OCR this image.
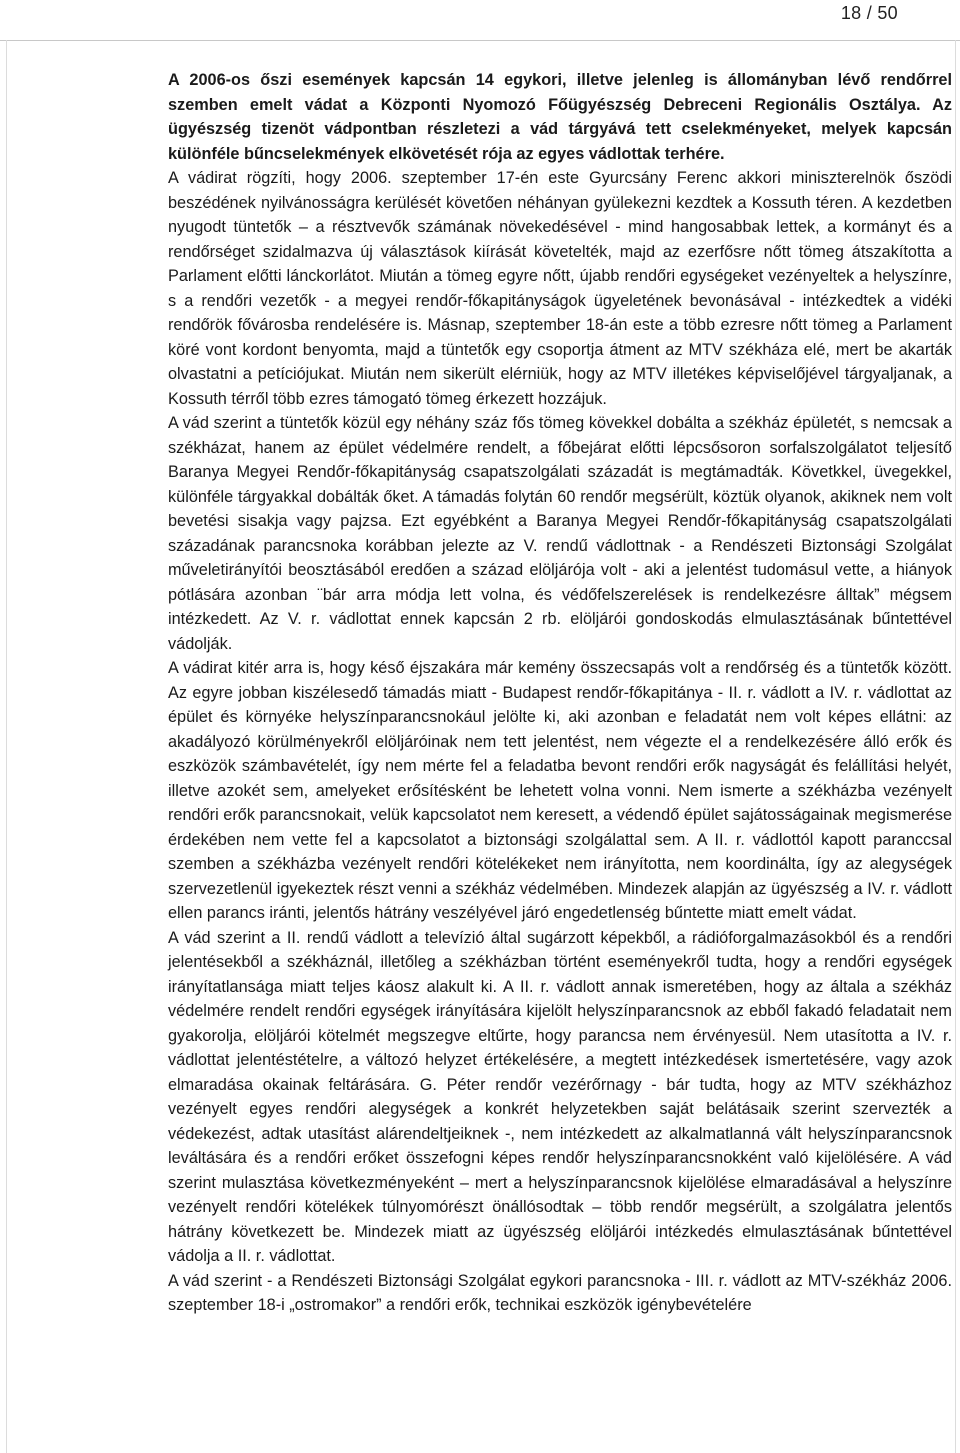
18 / 50

A 2006-os őszi események kapcsán 14 egykori, illetve jelenleg is állományban lévő rendőrrel szemben emelt vádat a Központi Nyomozó Főügyészség Debreceni Regionális Osztálya. Az ügyészség tizenöt vádpontban részletezi a vád tárgyává tett cselekményeket, melyek kapcsán különféle bűncselekmények elkövetését rója az egyes vádlottak terhére.

A vádirat rögzíti, hogy 2006. szeptember 17-én este Gyurcsány Ferenc akkori miniszterelnök őszödi beszédének nyilvánosságra kerülését követően néhányan gyülekezni kezdtek a Kossuth téren. A kezdetben nyugodt tüntetők – a résztvevők számának növekedésével - mind hangosabbak lettek, a kormányt és a rendőrséget szidalmazva új választások kiírását követelték, majd az ezerfősre nőtt tömeg átszakította a Parlament előtti lánckorlátot. Miután a tömeg egyre nőtt, újabb rendőri egységeket vezényeltek a helyszínre, s a rendőri vezetők - a megyei rendőr-főkapitányságok ügyeletének bevonásával - intézkedtek a vidéki rendőrök fővárosba rendelésére is. Másnap, szeptember 18-án este a több ezresre nőtt tömeg a Parlament köré vont kordont benyomta, majd a tüntetők egy csoportja átment az MTV székháza elé, mert be akarták olvastatni a petíciójukat. Miután nem sikerült elérniük, hogy az MTV illetékes képviselőjével tárgyaljanak, a Kossuth térről több ezres támogató tömeg érkezett hozzájuk.

A vád szerint a tüntetők közül egy néhány száz fős tömeg kövekkel dobálta a székház épületét, s nemcsak a székházat, hanem az épület védelmére rendelt, a főbejárat előtti lépcsősoron sorfalszolgálatot teljesítő Baranya Megyei Rendőr-főkapitányság csapatszolgálati századát is megtámadták. Követkkel, üvegekkel, különféle tárgyakkal dobálták őket. A támadás folytán 60 rendőr megsérült, köztük olyanok, akiknek nem volt bevetési sisakja vagy pajzsa. Ezt egyébként a Baranya Megyei Rendőr-főkapitányság csapatszolgálati századának parancsnoka korábban jelezte az V. rendű vádlottnak - a Rendészeti Biztonsági Szolgálat műveletirányítói beosztásából eredően a század elöljárója volt - aki a jelentést tudomásul vette, a hiányok pótlására azonban ¨bár arra módja lett volna, és védőfelszerelések is rendelkezésre álltak” mégsem intézkedett. Az V. r. vádlottat ennek kapcsán 2 rb. elöljárói gondoskodás elmulasztásának bűntettével vádolják.

A vádirat kitér arra is, hogy késő éjszakára már kemény összecsapás volt a rendőrség és a tüntetők között. Az egyre jobban kiszélesedő támadás miatt - Budapest rendőr-főkapitánya - II. r. vádlott a IV. r. vádlottat az épület és környéke helyszínparancsnokául jelölte ki, aki azonban e feladatát nem volt képes ellátni: az akadályozó körülményekről elöljáróinak nem tett jelentést, nem végezte el a rendelkezésére álló erők és eszközök számbavételét, így nem mérte fel a feladatba bevont rendőri erők nagyságát és felállítási helyét, illetve azokét sem, amelyeket erősítésként be lehetett volna vonni. Nem ismerte a székházba vezényelt rendőri erők parancsnokait, velük kapcsolatot nem keresett, a védendő épület sajátosságainak megismerése érdekében nem vette fel a kapcsolatot a biztonsági szolgálattal sem. A II. r. vádlottól kapott paranccsal szemben a székházba vezényelt rendőri kötelékeket nem irányította, nem koordinálta, így az alegységek szervezetlenül igyekeztek részt venni a székház védelmében. Mindezek alapján az ügyészség a IV. r. vádlott ellen parancs iránti, jelentős hátrány veszélyével járó engedetlenség bűntette miatt emelt vádat.

A vád szerint a II. rendű vádlott a televízió által sugárzott képekből, a rádióforgalmazásokból és a rendőri jelentésekből a székháznál, illetőleg a székházban történt eseményekről tudta, hogy a rendőri egységek irányítatlansága miatt teljes káosz alakult ki. A II. r. vádlott annak ismeretében, hogy az általa a székház védelmére rendelt rendőri egységek irányítására kijelölt helyszínparancsnok az ebből fakadó feladatait nem gyakorolja, elöljárói kötelmét megszegve eltűrte, hogy parancsa nem érvényesül. Nem utasította a IV. r. vádlottat jelentéstételre, a változó helyzet értékelésére, a megtett intézkedések ismertetésére, vagy azok elmaradása okainak feltárására. G. Péter rendőr vezérőrnagy - bár tudta, hogy az MTV székházhoz vezényelt egyes rendőri alegységek a konkrét helyzetekben saját belátásaik szerint szervezték a védekezést, adtak utasítást alárendeltjeiknek -, nem intézkedett az alkalmatlanná vált helyszínparancsnok leváltására és a rendőri erőket összefogni képes rendőr helyszínparancsnokként való kijelölésére. A vád szerint mulasztása következményeként – mert a helyszínparancsnok kijelölése elmaradásával a helyszínre vezényelt rendőri kötelékek túlnyomórészt önállósodtak – több rendőr megsérült, a szolgálatra jelentős hátrány következett be. Mindezek miatt az ügyészség elöljárói intézkedés elmulasztásának bűntettével vádolja a II. r. vádlottat.

A vád szerint - a Rendészeti Biztonsági Szolgálat egykori parancsnoka - III. r. vádlott az MTV-székház 2006. szeptember 18-i „ostromakor” a rendőri erők, technikai eszközök igénybevételére
